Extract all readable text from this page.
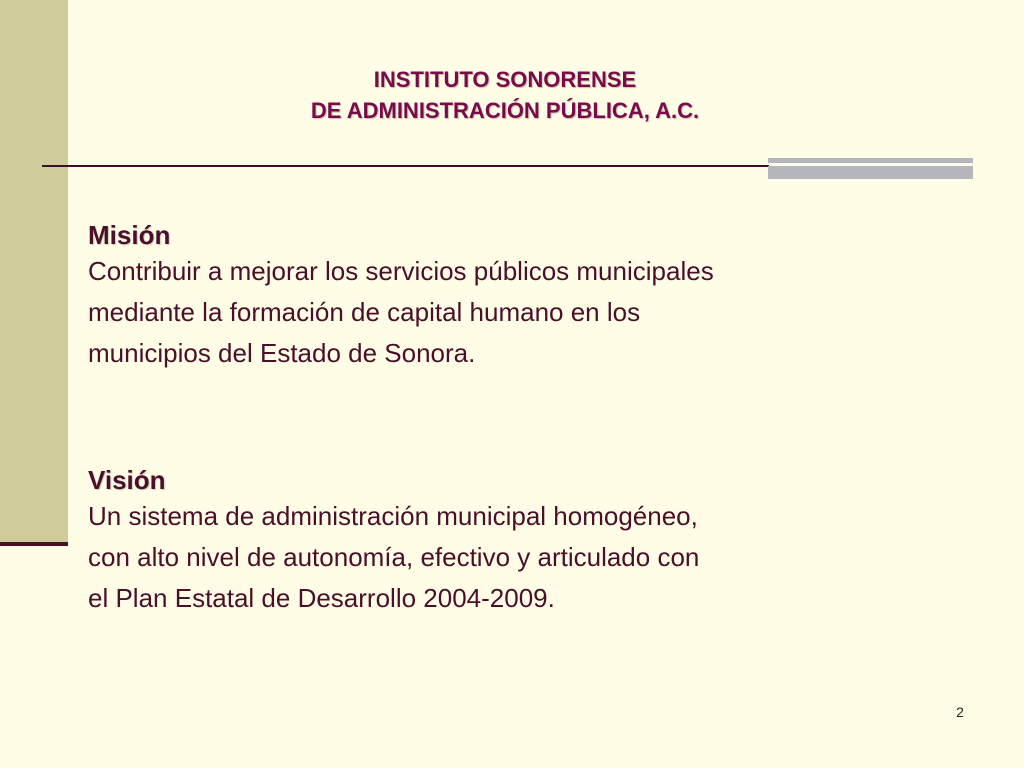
INSTITUTO SONORENSE
DE ADMINISTRACIÓN PÚBLICA, A.C.
Misión
Contribuir a mejorar los servicios públicos municipales
mediante la formación de capital humano en los
municipios del Estado de Sonora.
Visión
Un sistema de administración municipal homogéneo,
con alto nivel de autonomía, efectivo y articulado con
el Plan Estatal de Desarrollo 2004-2009.
2
